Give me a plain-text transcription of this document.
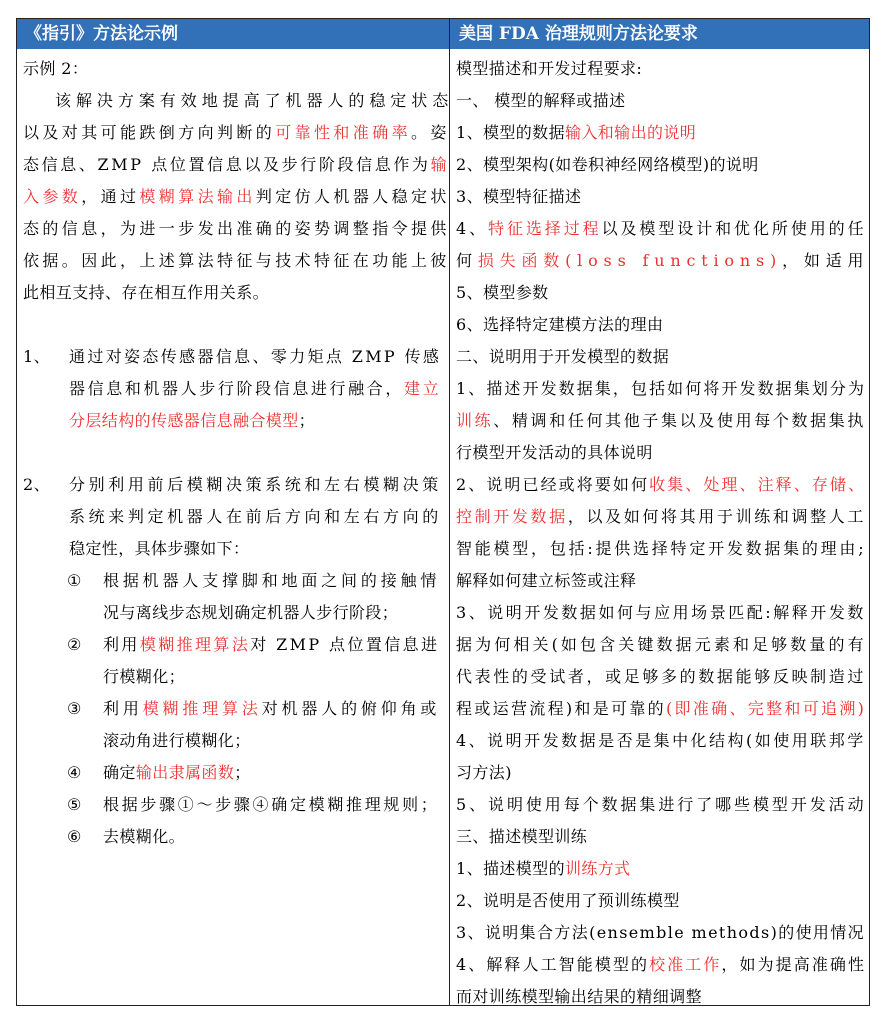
《指引》方法论示例	美国 FDA 治理规则方法论要求
示例 2：
该解决方案有效地提高了机器人的稳定状态
以及对其可能跌倒方向判断的可靠性和准确率。姿
态信息、ZMP 点位置信息以及步行阶段信息作为输
入参数，通过模糊算法输出判定仿人机器人稳定状
态的信息，为进一步发出准确的姿势调整指令提供
依据。因此，上述算法特征与技术特征在功能上彼
此相互支持、存在相互作用关系。
1、 通过对姿态传感器信息、零力矩点 ZMP 传感
器信息和机器人步行阶段信息进行融合，建立
分层结构的传感器信息融合模型；
2、 分别利用前后模糊决策系统和左右模糊决策
系统来判定机器人在前后方向和左右方向的
稳定性，具体步骤如下：
① 根据机器人支撑脚和地面之间的接触情
况与离线步态规划确定机器人步行阶段；
② 利用模糊推理算法对 ZMP 点位置信息进
行模糊化；
③ 利用模糊推理算法对机器人的俯仰角或
滚动角进行模糊化；
④ 确定输出隶属函数；
⑤ 根据步骤①～步骤④确定模糊推理规则；
⑥ 去模糊化。
模型描述和开发过程要求:
一、 模型的解释或描述
1、模型的数据输入和输出的说明
2、模型架构(如卷积神经网络模型)的说明
3、模型特征描述
4、特征选择过程以及模型设计和优化所使用的任
何损失函数(loss functions)，如适用
5、模型参数
6、选择特定建模方法的理由
二、说明用于开发模型的数据
1、描述开发数据集，包括如何将开发数据集划分为
训练、精调和任何其他子集以及使用每个数据集执
行模型开发活动的具体说明
2、说明已经或将要如何收集、处理、注释、存储、
控制开发数据，以及如何将其用于训练和调整人工
智能模型，包括:提供选择特定开发数据集的理由;
解释如何建立标签或注释
3、说明开发数据如何与应用场景匹配:解释开发数
据为何相关(如包含关键数据元素和足够数量的有
代表性的受试者，或足够多的数据能够反映制造过
程或运营流程)和是可靠的(即准确、完整和可追溯)
4、说明开发数据是否是集中化结构(如使用联邦学
习方法)
5、说明使用每个数据集进行了哪些模型开发活动
三、描述模型训练
1、描述模型的训练方式
2、说明是否使用了预训练模型
3、说明集合方法(ensemble methods)的使用情况
4、解释人工智能模型的校准工作，如为提高准确性
而对训练模型输出结果的精细调整
